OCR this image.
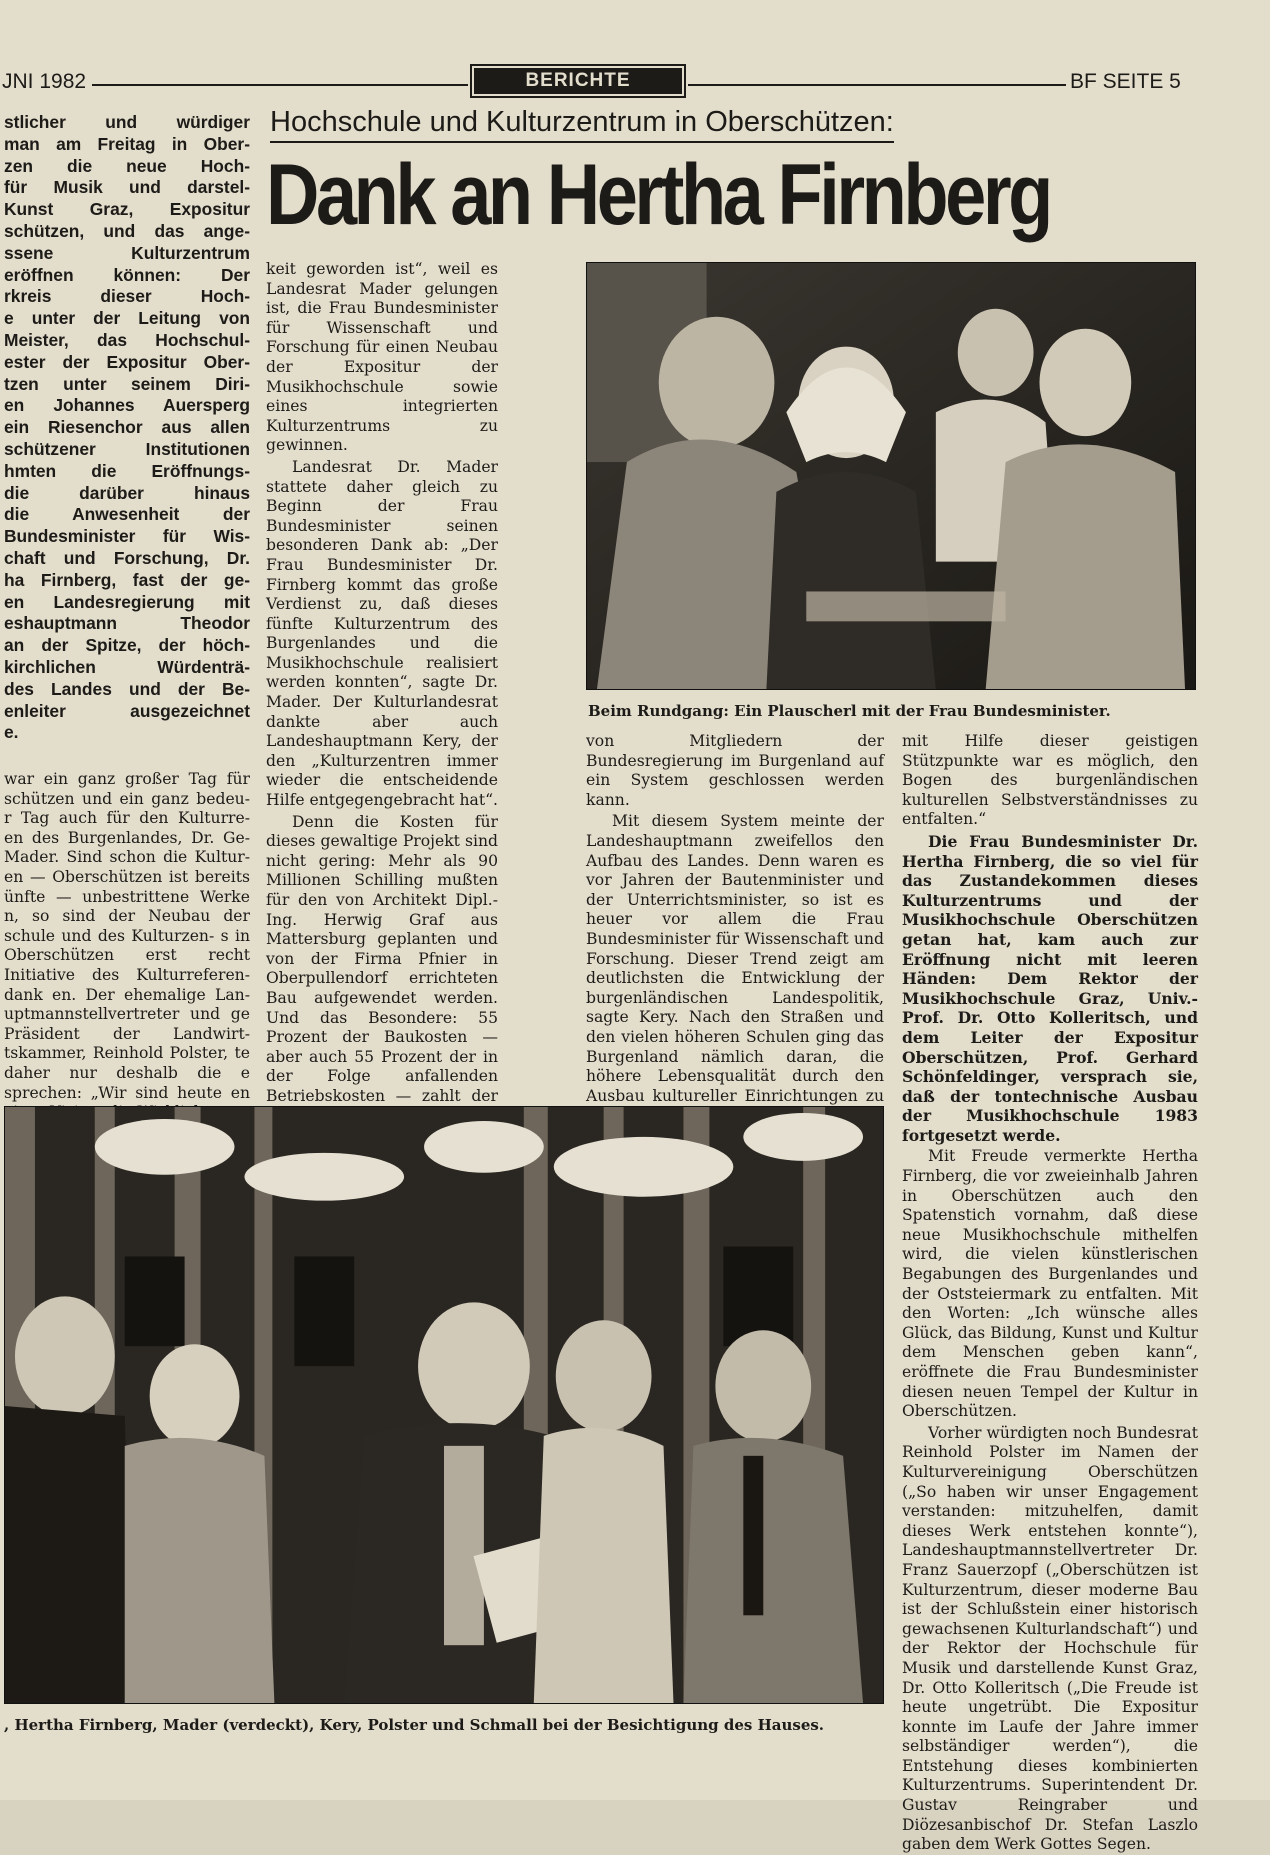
JNI 1982	BERICHTE	BF SEITE 5
Hochschule und Kulturzentrum in Oberschützen:
Dank an Hertha Firnberg

stlicher und würdiger

man am Freitag in Ober-

zen die neue Hoch-

für Musik und darstel-

Kunst Graz, Expositur

schützen, und das ange-

ssene Kulturzentrum

eröffnen können: Der

rkreis dieser Hoch-

e unter der Leitung von

Meister, das Hochschul-

ester der Expositur Ober-

tzen unter seinem Diri-

en Johannes Auersperg

ein Riesenchor aus allen

schützener Institutionen

hmten die Eröffnungs-

die darüber hinaus

die Anwesenheit der

Bundesminister für Wis-

chaft und Forschung, Dr.

ha Firnberg, fast der ge-

en Landesregierung mit

eshauptmann Theodor

an der Spitze, der höch-

kirchlichen Würdenträ-

des Landes und der Be-

enleiter ausgezeichnet

e.

war ein ganz großer Tag für schützen und ein ganz bedeu- r Tag auch für den Kulturre- en des Burgenlandes, Dr. Ge- Mader. Sind schon die Kultur- en — Oberschützen ist bereits ünfte — unbestrittene Werke n, so sind der Neubau der schule und des Kulturzen- s in Oberschützen erst recht Initiative des Kulturreferen- dank en. Der ehemalige Lan- uptmannstellvertreter und ge Präsident der Landwirt- tskammer, Reinhold Polster, te daher nur deshalb die e sprechen: „Wir sind heute en

keit geworden ist“, weil es Landesrat Mader gelungen ist, die Frau Bundesminister für Wissenschaft und Forschung für einen Neubau der Expositur der Musikhochschule sowie eines integrierten Kulturzentrums zu gewinnen.

Landesrat Dr. Mader stattete daher gleich zu Beginn der Frau Bundesminister seinen besonderen Dank ab: „Der Frau Bundesminister Dr. Firnberg kommt das große Verdienst zu, daß dieses fünfte Kulturzentrum des Burgenlandes und die Musikhochschule realisiert werden konnten“, sagte Dr. Mader. Der Kulturlandesrat dankte aber auch Landeshauptmann Kery, der den „Kulturzentren immer wieder die entscheidende Hilfe entgegengebracht hat“.

Denn die Kosten für dieses gewaltige Projekt sind nicht gering: Mehr als 90 Millionen Schilling mußten für den von Architekt Dipl.-Ing. Herwig Graf aus Mattersburg geplanten und von der Firma Pfnier in Oberpullendorf errichteten Bau aufgewendet werden. Und das Besondere: 55 Prozent der Baukosten — aber auch 55 Prozent der in der Folge anfallenden Betriebskosten — zahlt der

Beim Rundgang: Ein Plauscherl mit der Frau Bundesminister.

von Mitgliedern der Bundesregierung im Burgenland auf ein System geschlossen werden kann.

Mit diesem System meinte der Landeshauptmann zweifellos den Aufbau des Landes. Denn waren es vor Jahren der Bautenminister und der Unterrichtsminister, so ist es heuer vor allem die Frau Bundesminister für Wissenschaft und Forschung. Dieser Trend zeigt am deutlichsten die Entwicklung der burgenländischen Landespolitik, sagte Kery. Nach den Straßen und den vielen höheren Schulen ging das Burgenland nämlich daran, die höhere Lebensqualität durch den Ausbau kultureller Einrichtungen zu

mit Hilfe dieser geistigen Stützpunkte war es möglich, den Bogen des burgenländischen kulturellen Selbstverständnisses zu entfalten.“

Die Frau Bundesminister Dr. Hertha Firnberg, die so viel für das Zustandekommen dieses Kulturzentrums und der Musikhochschule Oberschützen getan hat, kam auch zur Eröffnung nicht mit leeren Händen: Dem Rektor der Musikhochschule Graz, Univ.-Prof. Dr. Otto Kolleritsch, und dem Leiter der Expositur Oberschützen, Prof. Gerhard Schönfeldinger, versprach sie, daß der tontechnische Ausbau der Musikhochschule 1983 fortgesetzt werde.

Mit Freude vermerkte Hertha Firnberg, die vor zweieinhalb Jahren in Oberschützen auch den Spatenstich vornahm, daß diese neue Musikhochschule mithelfen wird, die vielen künstlerischen Begabungen des Burgenlandes und der Oststeiermark zu entfalten. Mit den Worten: „Ich wünsche alles Glück, das Bildung, Kunst und Kultur dem Menschen geben kann“, eröffnete die Frau Bundesminister diesen neuen Tempel der Kultur in Oberschützen.

Vorher würdigten noch Bundesrat Reinhold Polster im Namen der Kulturvereinigung Oberschützen („So haben wir unser Engagement verstanden: mitzuhelfen, damit dieses Werk entstehen konnte“), Landeshauptmannstellvertreter Dr. Franz Sauerzopf („Oberschützen ist Kulturzentrum, dieser moderne Bau ist der Schlußstein einer historisch gewachsenen Kulturlandschaft“) und der Rektor der Hochschule für Musik und darstellende Kunst Graz, Dr. Otto Kolleritsch („Die Freude ist heute ungetrübt. Die Expositur konnte im Laufe der Jahre immer selbständiger werden“), die Entstehung dieses kombinierten Kulturzentrums. Superintendent Dr. Gustav Reingraber und Diözesanbischof Dr. Stefan Laszlo gaben dem Werk Gottes Segen.

, Hertha Firnberg, Mader (verdeckt), Kery, Polster und Schmall bei der Besichtigung des Hauses.
